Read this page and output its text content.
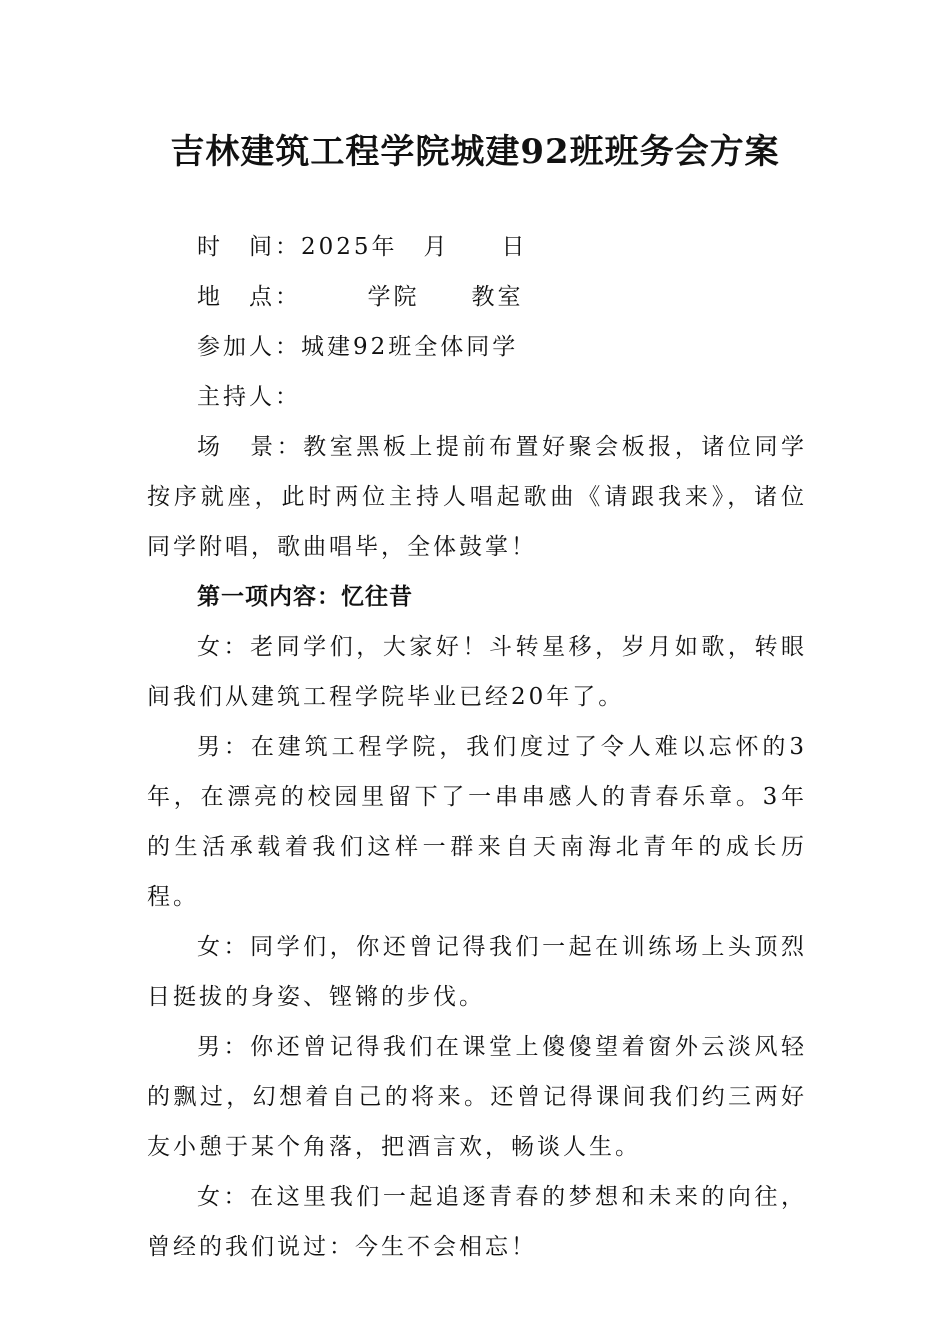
吉林建筑工程学院城建92班班务会方案

时　间：2025年　月　　日

地　点：　　　学院　　教室

参加人：城建92班全体同学

主持人：

场　景：教室黑板上提前布置好聚会板报，诸位同学按序就座，此时两位主持人唱起歌曲《请跟我来》，诸位同学附唱，歌曲唱毕，全体鼓掌！

第一项内容：忆往昔

女：老同学们，大家好！斗转星移，岁月如歌，转眼间我们从建筑工程学院毕业已经20年了。

男：在建筑工程学院，我们度过了令人难以忘怀的3年，在漂亮的校园里留下了一串串感人的青春乐章。3年的生活承载着我们这样一群来自天南海北青年的成长历程。

女：同学们，你还曾记得我们一起在训练场上头顶烈日挺拔的身姿、铿锵的步伐。

男：你还曾记得我们在课堂上傻傻望着窗外云淡风轻的飘过，幻想着自己的将来。还曾记得课间我们约三两好友小憩于某个角落，把酒言欢，畅谈人生。

女：在这里我们一起追逐青春的梦想和未来的向往，曾经的我们说过：今生不会相忘！
